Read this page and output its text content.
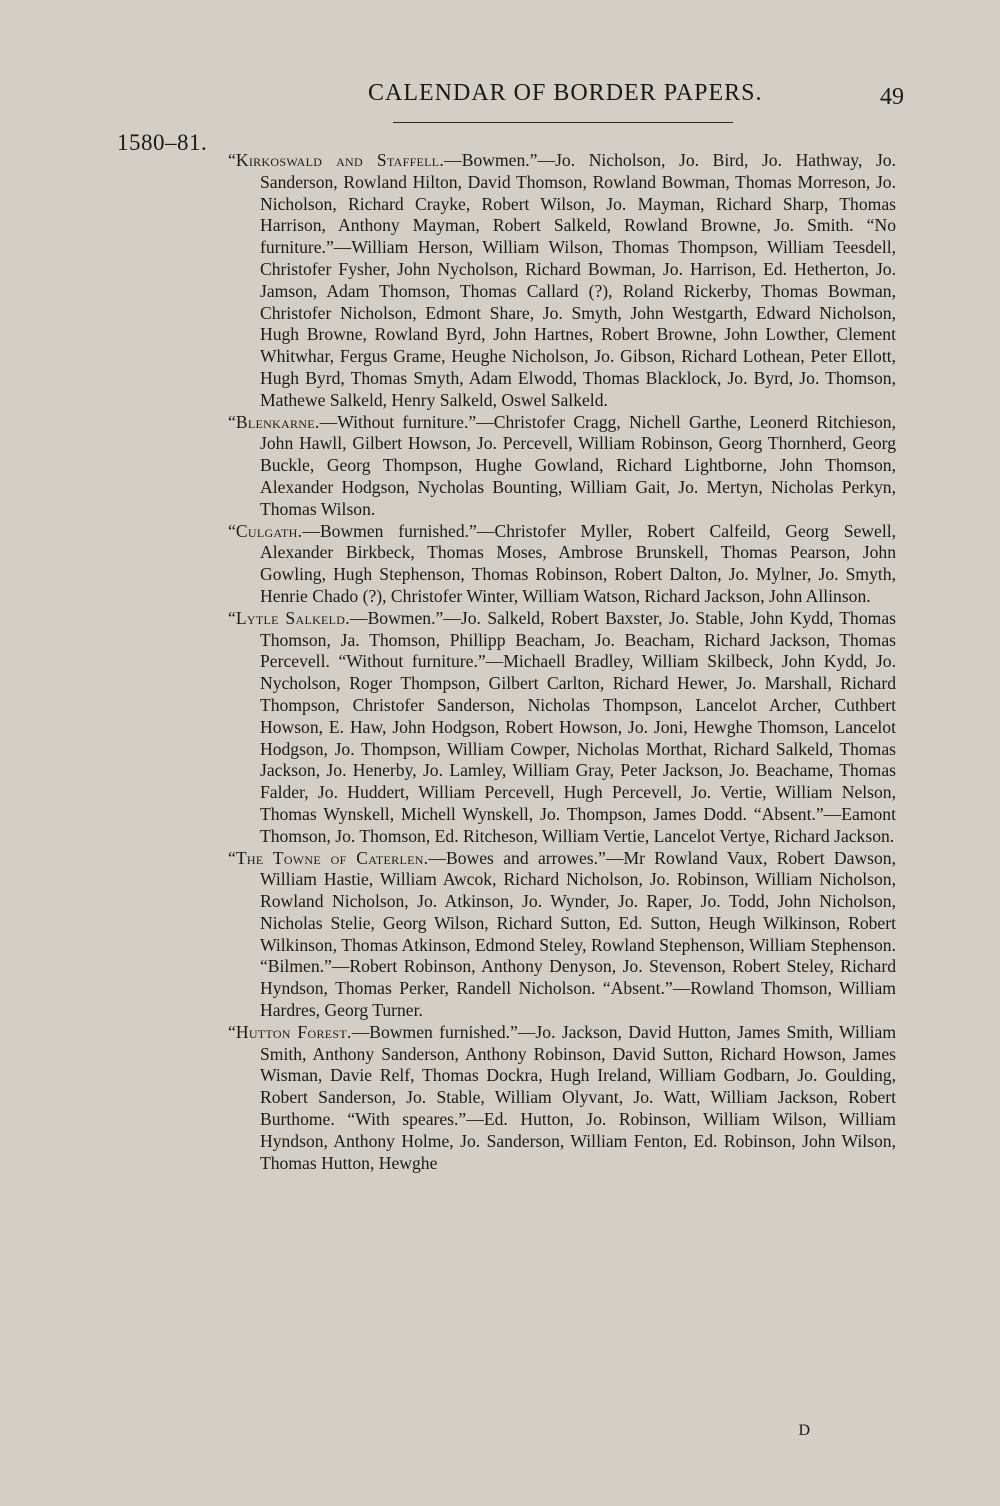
CALENDAR OF BORDER PAPERS.	49
1580–81.

“Kirkoswald and Staffell.—Bowmen.”—Jo. Nicholson, Jo. Bird, Jo. Hathway, Jo. Sanderson, Rowland Hilton, David Thomson, Rowland Bowman, Thomas Morreson, Jo. Nicholson, Richard Crayke, Robert Wilson, Jo. Mayman, Richard Sharp, Thomas Harrison, Anthony Mayman, Robert Salkeld, Rowland Browne, Jo. Smith. “No furniture.”—William Herson, William Wilson, Thomas Thompson, William Teesdell, Christofer Fysher, John Nycholson, Richard Bowman, Jo. Harrison, Ed. Hetherton, Jo. Jamson, Adam Thomson, Thomas Callard (?), Roland Rickerby, Thomas Bowman, Christofer Nicholson, Edmont Share, Jo. Smyth, John Westgarth, Edward Nicholson, Hugh Browne, Rowland Byrd, John Hartnes, Robert Browne, John Lowther, Clement Whitwhar, Fergus Grame, Heughe Nicholson, Jo. Gibson, Richard Lothean, Peter Ellott, Hugh Byrd, Thomas Smyth, Adam Elwodd, Thomas Blacklock, Jo. Byrd, Jo. Thomson, Mathewe Salkeld, Henry Salkeld, Oswel Salkeld.

“Blenkarne.—Without furniture.”—Christofer Cragg, Nichell Garthe, Leonerd Ritchieson, John Hawll, Gilbert Howson, Jo. Percevell, William Robinson, Georg Thornherd, Georg Buckle, Georg Thompson, Hughe Gowland, Richard Lightborne, John Thomson, Alexander Hodgson, Nycholas Bounting, William Gait, Jo. Mertyn, Nicholas Perkyn, Thomas Wilson.

“Culgath.—Bowmen furnished.”—Christofer Myller, Robert Calfeild, Georg Sewell, Alexander Birkbeck, Thomas Moses, Ambrose Brunskell, Thomas Pearson, John Gowling, Hugh Stephenson, Thomas Robinson, Robert Dalton, Jo. Mylner, Jo. Smyth, Henrie Chado (?), Christofer Winter, William Watson, Richard Jackson, John Allinson.

“Lytle Salkeld.—Bowmen.”—Jo. Salkeld, Robert Baxster, Jo. Stable, John Kydd, Thomas Thomson, Ja. Thomson, Phillipp Beacham, Jo. Beacham, Richard Jackson, Thomas Percevell. “Without furniture.”—Michaell Bradley, William Skilbeck, John Kydd, Jo. Nycholson, Roger Thompson, Gilbert Carlton, Richard Hewer, Jo. Marshall, Richard Thompson, Christofer Sanderson, Nicholas Thompson, Lancelot Archer, Cuthbert Howson, E. Haw, John Hodgson, Robert Howson, Jo. Joni, Hewghe Thomson, Lancelot Hodgson, Jo. Thompson, William Cowper, Nicholas Morthat, Richard Salkeld, Thomas Jackson, Jo. Henerby, Jo. Lamley, William Gray, Peter Jackson, Jo. Beachame, Thomas Falder, Jo. Huddert, William Percevell, Hugh Percevell, Jo. Vertie, William Nelson, Thomas Wynskell, Michell Wynskell, Jo. Thompson, James Dodd. “Absent.”—Eamont Thomson, Jo. Thomson, Ed. Ritcheson, William Vertie, Lancelot Vertye, Richard Jackson.

“The Towne of Caterlen.—Bowes and arrowes.”—Mr Rowland Vaux, Robert Dawson, William Hastie, William Awcok, Richard Nicholson, Jo. Robinson, William Nicholson, Rowland Nicholson, Jo. Atkinson, Jo. Wynder, Jo. Raper, Jo. Todd, John Nicholson, Nicholas Stelie, Georg Wilson, Richard Sutton, Ed. Sutton, Heugh Wilkinson, Robert Wilkinson, Thomas Atkinson, Edmond Steley, Rowland Stephenson, William Stephenson. “Bilmen.”—Robert Robinson, Anthony Denyson, Jo. Stevenson, Robert Steley, Richard Hyndson, Thomas Perker, Randell Nicholson. “Absent.”—Rowland Thomson, William Hardres, Georg Turner.

“Hutton Forest.—Bowmen furnished.”—Jo. Jackson, David Hutton, James Smith, William Smith, Anthony Sanderson, Anthony Robinson, David Sutton, Richard Howson, James Wisman, Davie Relf, Thomas Dockra, Hugh Ireland, William Godbarn, Jo. Goulding, Robert Sanderson, Jo. Stable, William Olyvant, Jo. Watt, William Jackson, Robert Burthome. “With speares.”—Ed. Hutton, Jo. Robinson, William Wilson, William Hyndson, Anthony Holme, Jo. Sanderson, William Fenton, Ed. Robinson, John Wilson, Thomas Hutton, Hewghe

D
